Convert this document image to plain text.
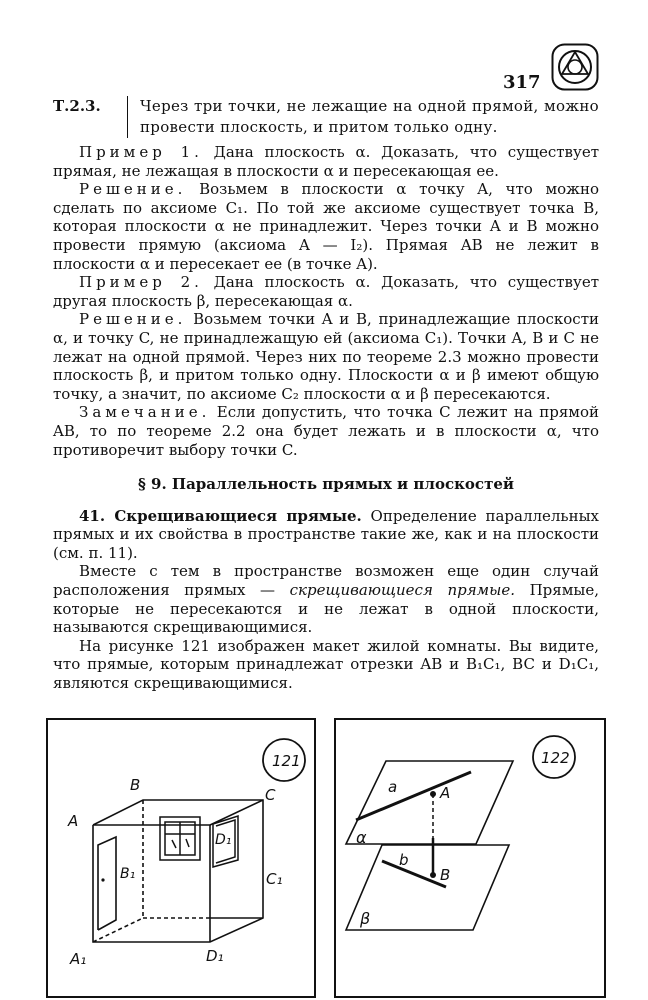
317
Т.2.3.	Через три точки, не лежащие на одной прямой, можно провести плоскость, и притом только одну.

Пример 1. Дана плоскость α. Доказать, что существует прямая, не лежащая в плоскости α и пересекающая ее.

Решение. Возьмем в плоскости α точку A, что можно сделать по аксиоме C₁. По той же аксиоме существует точка B, которая плоскости α не принадлежит. Через точки A и B можно провести прямую (аксиома A — I₂). Прямая AB не лежит в плоскости α и пересекает ее (в точке A).

Пример 2. Дана плоскость α. Доказать, что существует другая плоскость β, пересекающая α.

Решение. Возьмем точки A и B, принадлежащие плоскости α, и точку C, не принадлежащую ей (аксиома C₁). Точки A, B и C не лежат на одной прямой. Через них по теореме 2.3 можно провести плоскость β, и притом только одну. Плоскости α и β имеют общую точку, а значит, по аксиоме C₂ плоскости α и β пересекаются.

Замечание. Если допустить, что точка C лежит на прямой AB, то по теореме 2.2 она будет лежать и в плоскости α, что противоречит выбору точки C.

§ 9. Параллельность прямых и плоскостей

41. Скрещивающиеся прямые. Определение параллельных прямых и их свойства в пространстве такие же, как и на плоскости (см. п. 11).

Вместе с тем в пространстве возможен еще один случай расположения прямых — скрещивающиеся прямые. Прямые, которые не пересекаются и не лежат в одной плоскости, называются скрещивающимися.

На рисунке 121 изображен макет жилой комнаты. Вы видите, что прямые, которым принадлежат отрезки AB и B₁C₁, BC и D₁C₁, являются скрещивающимися.

121
A
B
C
B₁
D₁
C₁
A₁	D₁
122
a
α
A
b
B
β
